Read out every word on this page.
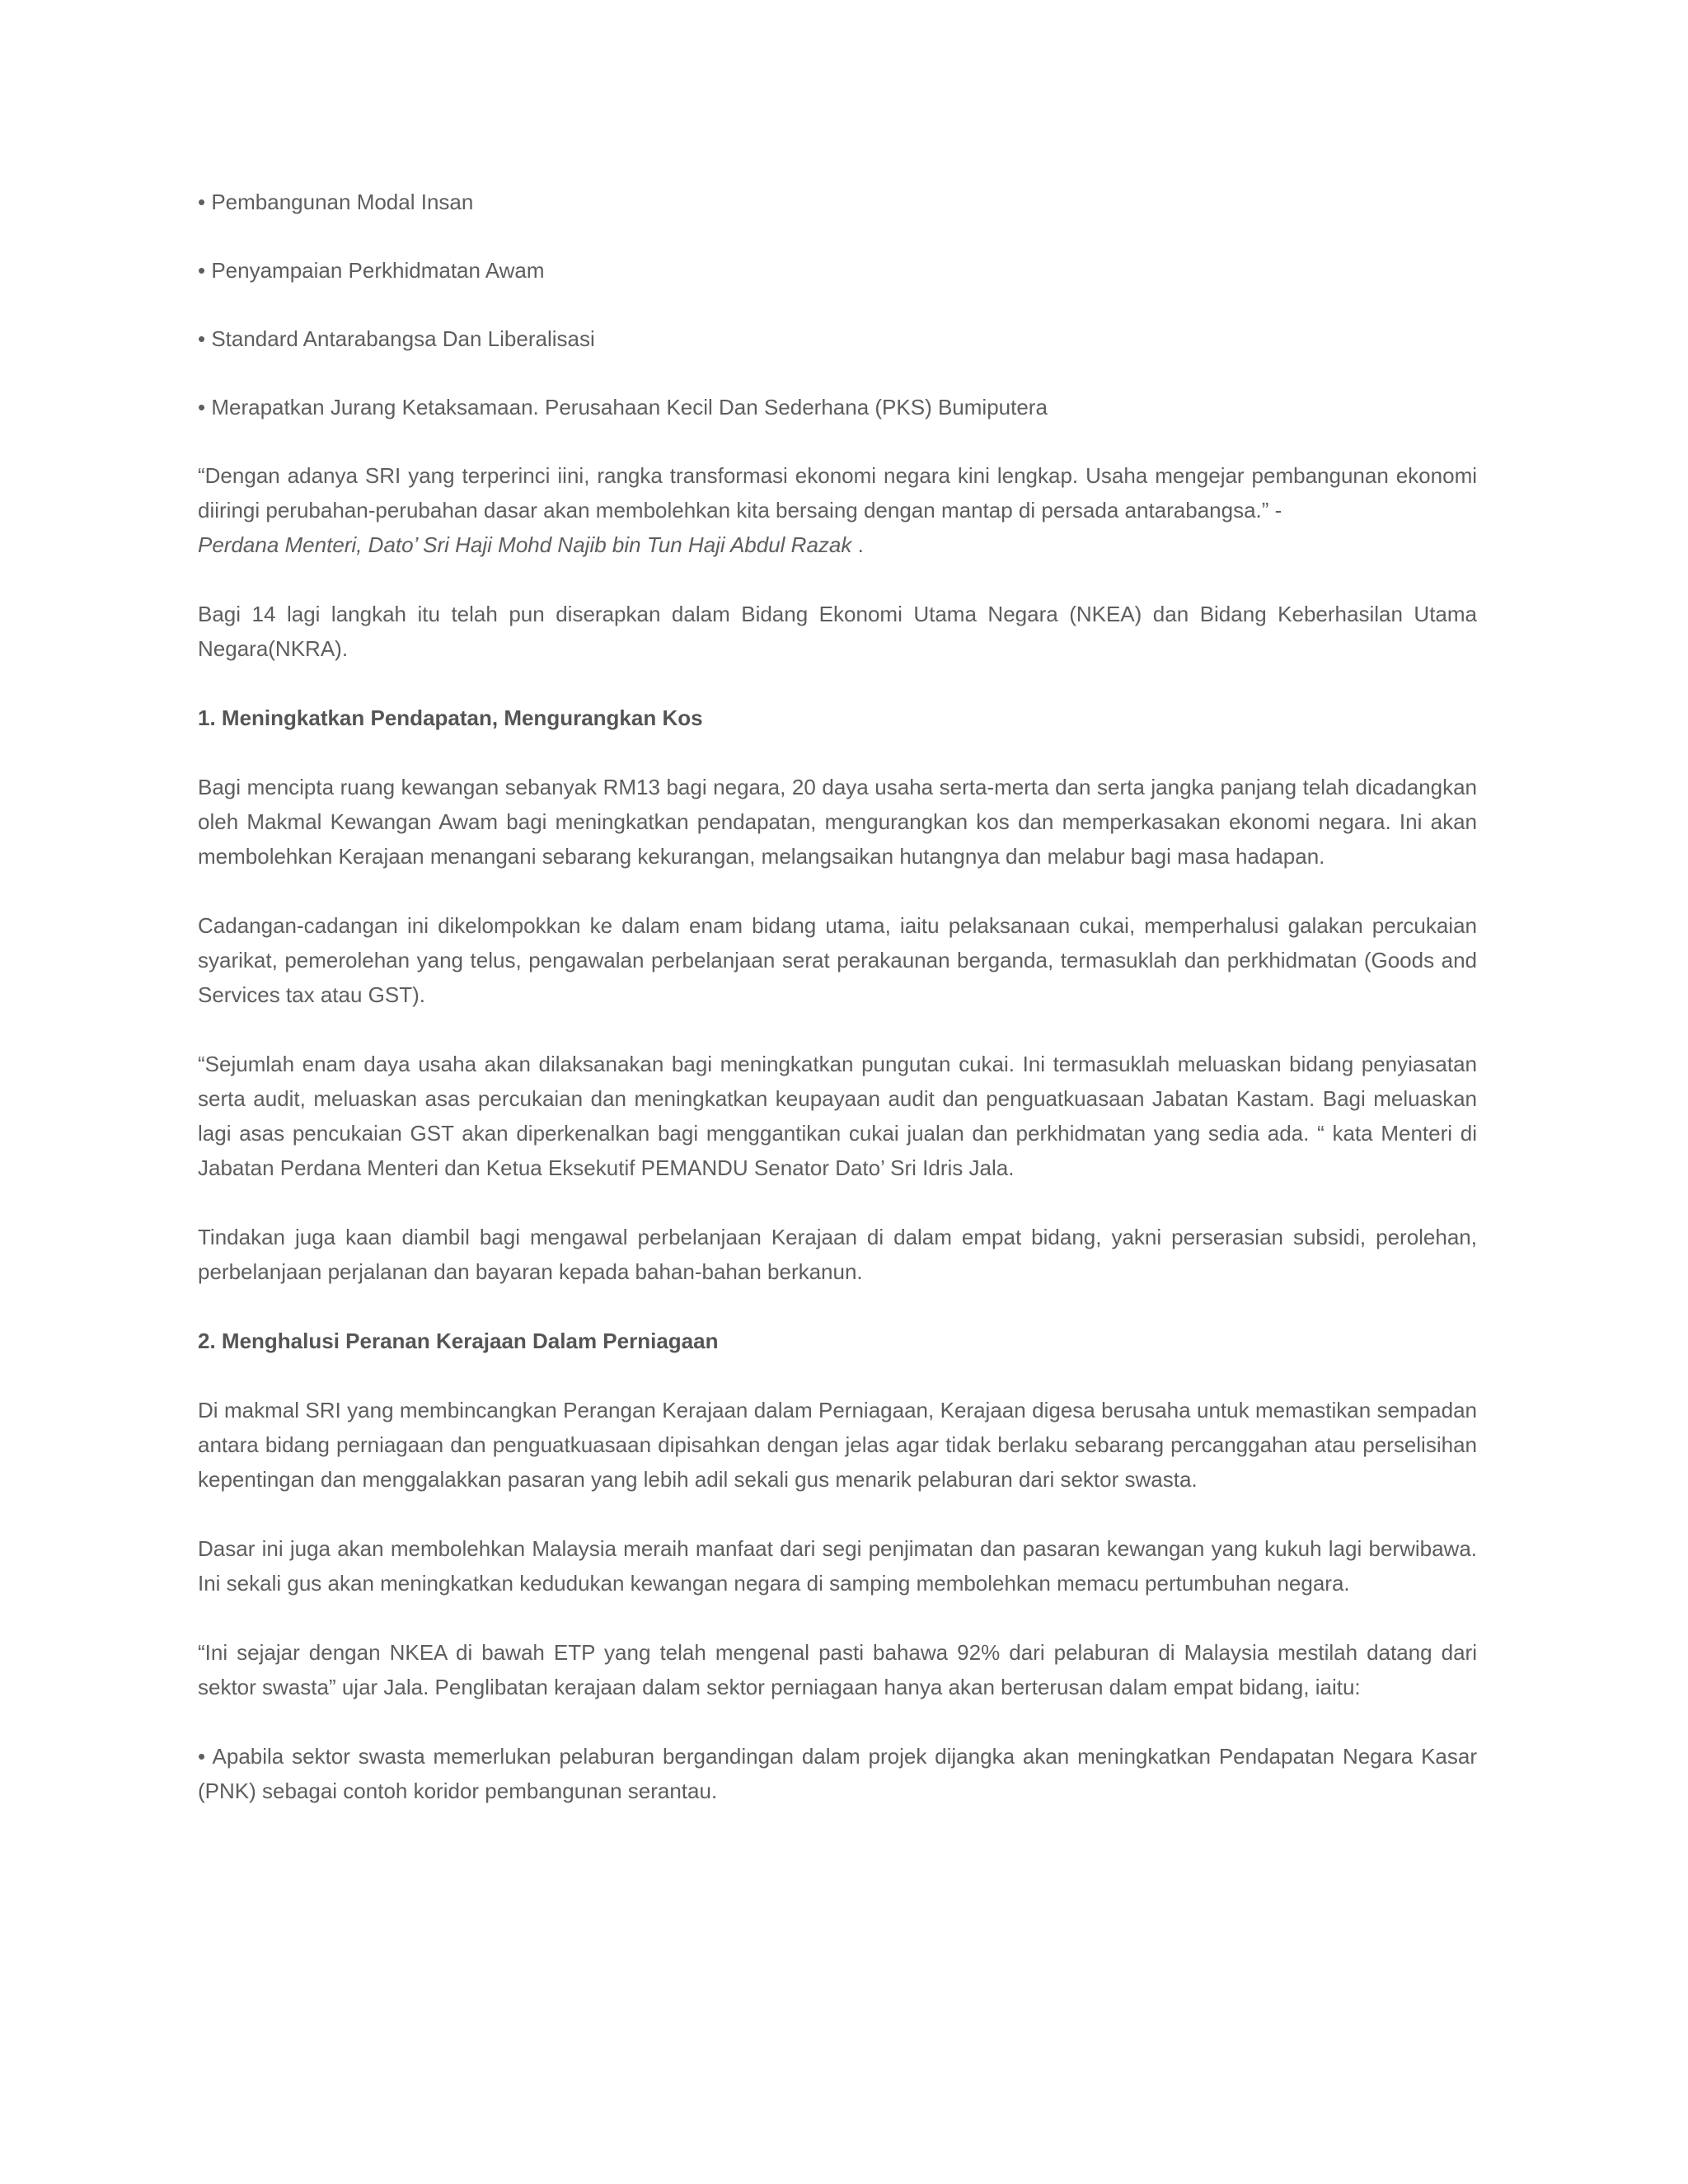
• Pembangunan Modal Insan

• Penyampaian Perkhidmatan Awam

• Standard Antarabangsa Dan Liberalisasi

• Merapatkan Jurang Ketaksamaan. Perusahaan Kecil Dan Sederhana (PKS) Bumiputera

“Dengan adanya SRI yang terperinci iini, rangka transformasi ekonomi negara kini lengkap. Usaha mengejar pembangunan ekonomi diiringi perubahan-perubahan dasar akan membolehkan kita bersaing dengan mantap di persada antarabangsa.” -
Perdana Menteri, Dato’ Sri Haji Mohd Najib bin Tun Haji Abdul Razak .

Bagi 14 lagi langkah itu telah pun diserapkan dalam Bidang Ekonomi Utama Negara (NKEA) dan Bidang Keberhasilan Utama Negara(NKRA).

1. Meningkatkan Pendapatan, Mengurangkan Kos

Bagi mencipta ruang kewangan sebanyak RM13 bagi negara, 20 daya usaha serta-merta dan serta jangka panjang telah dicadangkan oleh Makmal Kewangan Awam bagi meningkatkan pendapatan, mengurangkan kos dan memperkasakan ekonomi negara. Ini akan membolehkan Kerajaan menangani sebarang kekurangan, melangsaikan hutangnya dan melabur bagi masa hadapan.

Cadangan-cadangan ini dikelompokkan ke dalam enam bidang utama, iaitu pelaksanaan cukai, memperhalusi galakan percukaian syarikat, pemerolehan yang telus, pengawalan perbelanjaan serat perakaunan berganda, termasuklah dan perkhidmatan (Goods and Services tax atau GST).

“Sejumlah enam daya usaha akan dilaksanakan bagi meningkatkan pungutan cukai. Ini termasuklah meluaskan bidang penyiasatan serta audit, meluaskan asas percukaian dan meningkatkan keupayaan audit dan penguatkuasaan Jabatan Kastam. Bagi meluaskan lagi asas pencukaian GST akan diperkenalkan bagi menggantikan cukai jualan dan perkhidmatan yang sedia ada. “ kata Menteri di Jabatan Perdana Menteri dan Ketua Eksekutif PEMANDU Senator Dato’ Sri Idris Jala.

Tindakan juga kaan diambil bagi mengawal perbelanjaan Kerajaan di dalam empat bidang, yakni perserasian subsidi, perolehan, perbelanjaan perjalanan dan bayaran kepada bahan-bahan berkanun.

2. Menghalusi Peranan Kerajaan Dalam Perniagaan

Di makmal SRI yang membincangkan Perangan Kerajaan dalam Perniagaan, Kerajaan digesa berusaha untuk memastikan sempadan antara bidang perniagaan dan penguatkuasaan dipisahkan dengan jelas agar tidak berlaku sebarang percanggahan atau perselisihan kepentingan dan menggalakkan pasaran yang lebih adil sekali gus menarik pelaburan dari sektor swasta.

Dasar ini juga akan membolehkan Malaysia meraih manfaat dari segi penjimatan dan pasaran kewangan yang kukuh lagi berwibawa. Ini sekali gus akan meningkatkan kedudukan kewangan negara di samping membolehkan memacu pertumbuhan negara.

“Ini sejajar dengan NKEA di bawah ETP yang telah mengenal pasti bahawa 92% dari pelaburan di Malaysia mestilah datang dari sektor swasta” ujar Jala. Penglibatan kerajaan dalam sektor perniagaan hanya akan berterusan dalam empat bidang, iaitu:

• Apabila sektor swasta memerlukan pelaburan bergandingan dalam projek dijangka akan meningkatkan Pendapatan Negara Kasar (PNK) sebagai contoh koridor pembangunan serantau.
